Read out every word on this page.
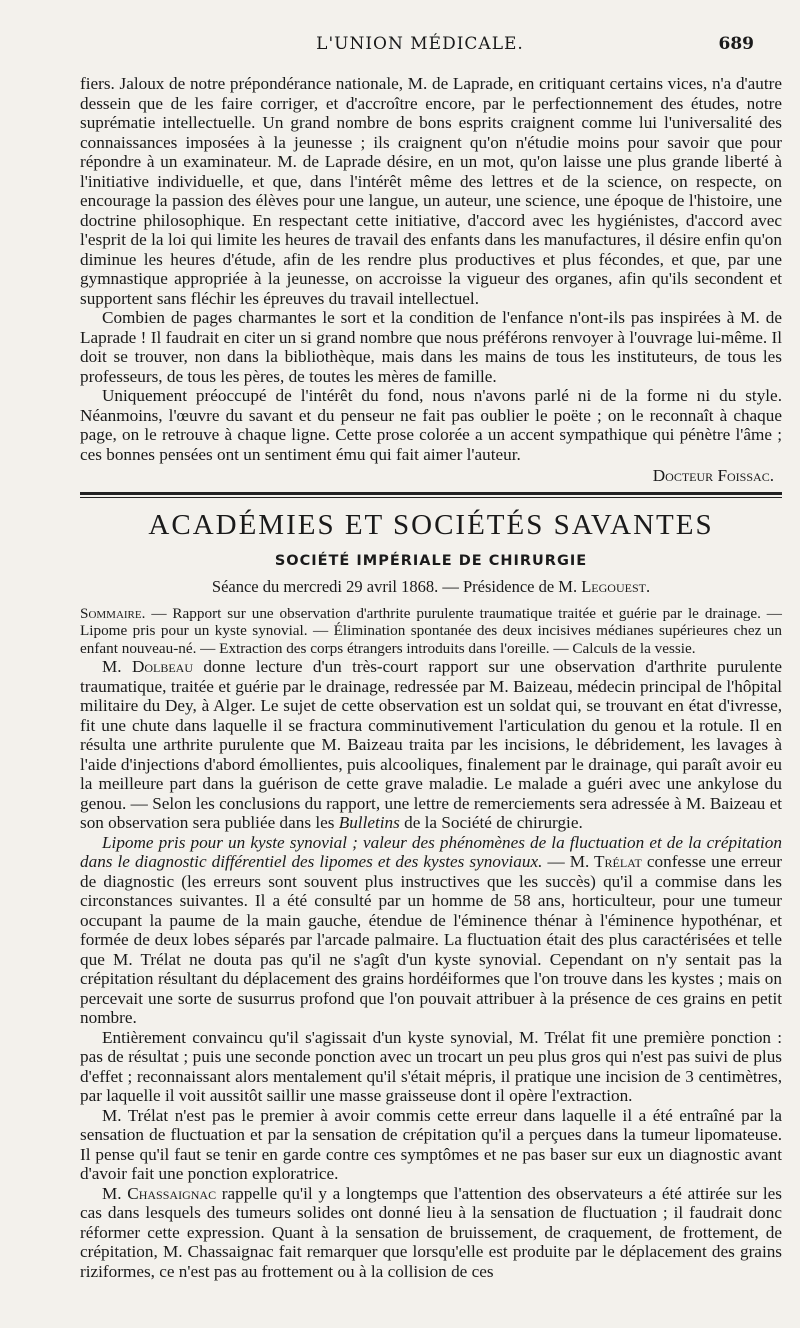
L'UNION MÉDICALE.	689

fiers. Jaloux de notre prépondérance nationale, M. de Laprade, en critiquant certains vices, n'a d'autre dessein que de les faire corriger, et d'accroître encore, par le perfectionnement des études, notre suprématie intellectuelle. Un grand nombre de bons esprits craignent comme lui l'universalité des connaissances imposées à la jeunesse ; ils craignent qu'on n'étudie moins pour savoir que pour répondre à un examinateur. M. de Laprade désire, en un mot, qu'on laisse une plus grande liberté à l'initiative individuelle, et que, dans l'intérêt même des lettres et de la science, on respecte, on encourage la passion des élèves pour une langue, un auteur, une science, une époque de l'histoire, une doctrine philosophique. En respectant cette initiative, d'accord avec les hygiénistes, d'accord avec l'esprit de la loi qui limite les heures de travail des enfants dans les manufactures, il désire enfin qu'on diminue les heures d'étude, afin de les rendre plus productives et plus fécondes, et que, par une gymnastique appropriée à la jeunesse, on accroisse la vigueur des organes, afin qu'ils secondent et supportent sans fléchir les épreuves du travail intellectuel.

Combien de pages charmantes le sort et la condition de l'enfance n'ont-ils pas inspirées à M. de Laprade ! Il faudrait en citer un si grand nombre que nous préférons renvoyer à l'ouvrage lui-même. Il doit se trouver, non dans la bibliothèque, mais dans les mains de tous les instituteurs, de tous les professeurs, de tous les pères, de toutes les mères de famille.

Uniquement préoccupé de l'intérêt du fond, nous n'avons parlé ni de la forme ni du style. Néanmoins, l'œuvre du savant et du penseur ne fait pas oublier le poëte ; on le reconnaît à chaque page, on le retrouve à chaque ligne. Cette prose colorée a un accent sympathique qui pénètre l'âme ; ces bonnes pensées ont un sentiment ému qui fait aimer l'auteur.

Docteur Foissac.

ACADÉMIES ET SOCIÉTÉS SAVANTES
SOCIÉTÉ IMPÉRIALE DE CHIRURGIE
Séance du mercredi 29 avril 1868. — Présidence de M. Legouest.

Sommaire. — Rapport sur une observation d'arthrite purulente traumatique traitée et guérie par le drainage. — Lipome pris pour un kyste synovial. — Élimination spontanée des deux incisives médianes supérieures chez un enfant nouveau-né. — Extraction des corps étrangers introduits dans l'oreille. — Calculs de la vessie.

M. Dolbeau donne lecture d'un très-court rapport sur une observation d'arthrite purulente traumatique, traitée et guérie par le drainage, redressée par M. Baizeau, médecin principal de l'hôpital militaire du Dey, à Alger. Le sujet de cette observation est un soldat qui, se trouvant en état d'ivresse, fit une chute dans laquelle il se fractura comminutivement l'articulation du genou et la rotule. Il en résulta une arthrite purulente que M. Baizeau traita par les incisions, le débridement, les lavages à l'aide d'injections d'abord émollientes, puis alcooliques, finalement par le drainage, qui paraît avoir eu la meilleure part dans la guérison de cette grave maladie. Le malade a guéri avec une ankylose du genou. — Selon les conclusions du rapport, une lettre de remerciements sera adressée à M. Baizeau et son observation sera publiée dans les Bulletins de la Société de chirurgie.

Lipome pris pour un kyste synovial ; valeur des phénomènes de la fluctuation et de la crépitation dans le diagnostic différentiel des lipomes et des kystes synoviaux. — M. Trélat confesse une erreur de diagnostic (les erreurs sont souvent plus instructives que les succès) qu'il a commise dans les circonstances suivantes. Il a été consulté par un homme de 58 ans, horticulteur, pour une tumeur occupant la paume de la main gauche, étendue de l'éminence thénar à l'éminence hypothénar, et formée de deux lobes séparés par l'arcade palmaire. La fluctuation était des plus caractérisées et telle que M. Trélat ne douta pas qu'il ne s'agît d'un kyste synovial. Cependant on n'y sentait pas la crépitation résultant du déplacement des grains hordéiformes que l'on trouve dans les kystes ; mais on percevait une sorte de susurrus profond que l'on pouvait attribuer à la présence de ces grains en petit nombre.

Entièrement convaincu qu'il s'agissait d'un kyste synovial, M. Trélat fit une première ponction : pas de résultat ; puis une seconde ponction avec un trocart un peu plus gros qui n'est pas suivi de plus d'effet ; reconnaissant alors mentalement qu'il s'était mépris, il pratique une incision de 3 centimètres, par laquelle il voit aussitôt saillir une masse graisseuse dont il opère l'extraction.

M. Trélat n'est pas le premier à avoir commis cette erreur dans laquelle il a été entraîné par la sensation de fluctuation et par la sensation de crépitation qu'il a perçues dans la tumeur lipomateuse. Il pense qu'il faut se tenir en garde contre ces symptômes et ne pas baser sur eux un diagnostic avant d'avoir fait une ponction exploratrice.

M. Chassaignac rappelle qu'il y a longtemps que l'attention des observateurs a été attirée sur les cas dans lesquels des tumeurs solides ont donné lieu à la sensation de fluctuation ; il faudrait donc réformer cette expression. Quant à la sensation de bruissement, de craquement, de frottement, de crépitation, M. Chassaignac fait remarquer que lorsqu'elle est produite par le déplacement des grains riziformes, ce n'est pas au frottement ou à la collision de ces
